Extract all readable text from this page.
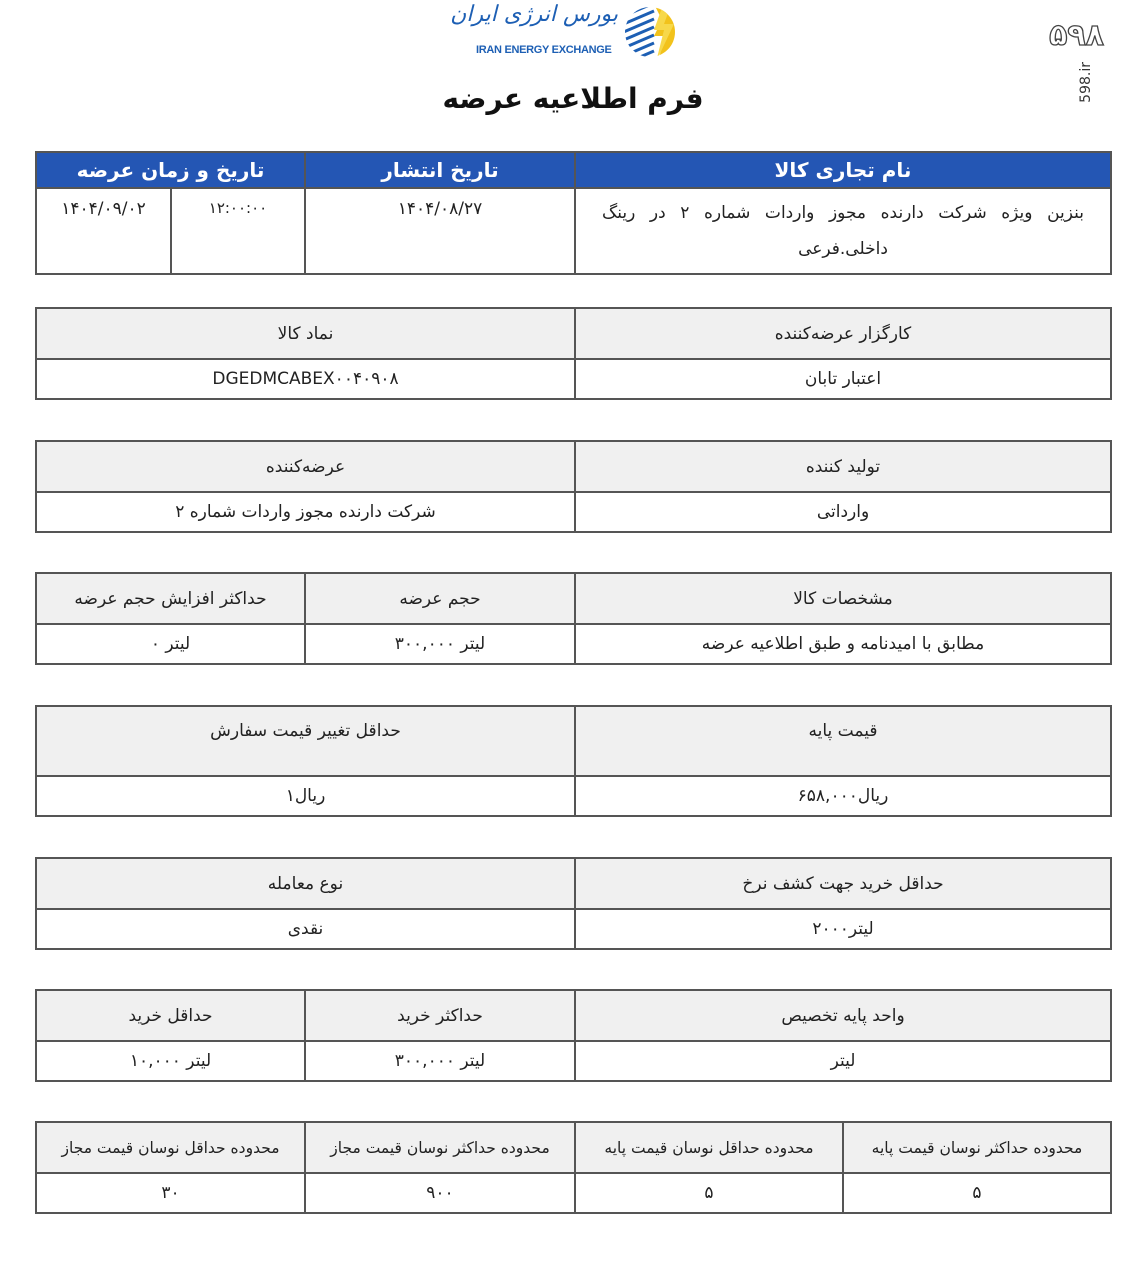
بورس انرژی ایران
IRAN ENERGY EXCHANGE
فرم اطلاعیه عرضه
۵۹۸
598.ir
نام تجاری کالا	تاریخ انتشار	تاریخ و زمان عرضه	
بنزین ویژه شرکت دارنده مجوز واردات شماره ۲ در رینگ داخلی.فرعی	۱۴۰۴/۰۸/۲۷	۱۲:۰۰:۰۰	۱۴۰۴/۰۹/۰۲
کارگزار عرضه‌کننده	نماد کالا
اعتبار تابان	DGEDMCABEX۰۰۴۰۹۰۸
تولید کننده	عرضه‌کننده
وارداتی	شرکت دارنده مجوز واردات شماره ۲
مشخصات کالا	حجم عرضه	حداکثر افزایش حجم عرضه
مطابق با امیدنامه و طبق اطلاعیه عرضه	لیتر ۳۰۰,۰۰۰	لیتر ۰
قیمت پایه	حداقل تغییر قیمت سفارش
ریال۶۵۸,۰۰۰	ریال۱
حداقل خرید جهت کشف نرخ	نوع معامله
لیتر۲۰۰۰	نقدی
واحد پایه تخصیص	حداکثر خرید	حداقل خرید
لیتر	لیتر ۳۰۰,۰۰۰	لیتر ۱۰,۰۰۰
محدوده حداکثر نوسان قیمت پایه	محدوده حداقل نوسان قیمت پایه	محدوده حداکثر نوسان قیمت مجاز	محدوده حداقل نوسان قیمت مجاز
۵	۵	۹۰۰	۳۰
